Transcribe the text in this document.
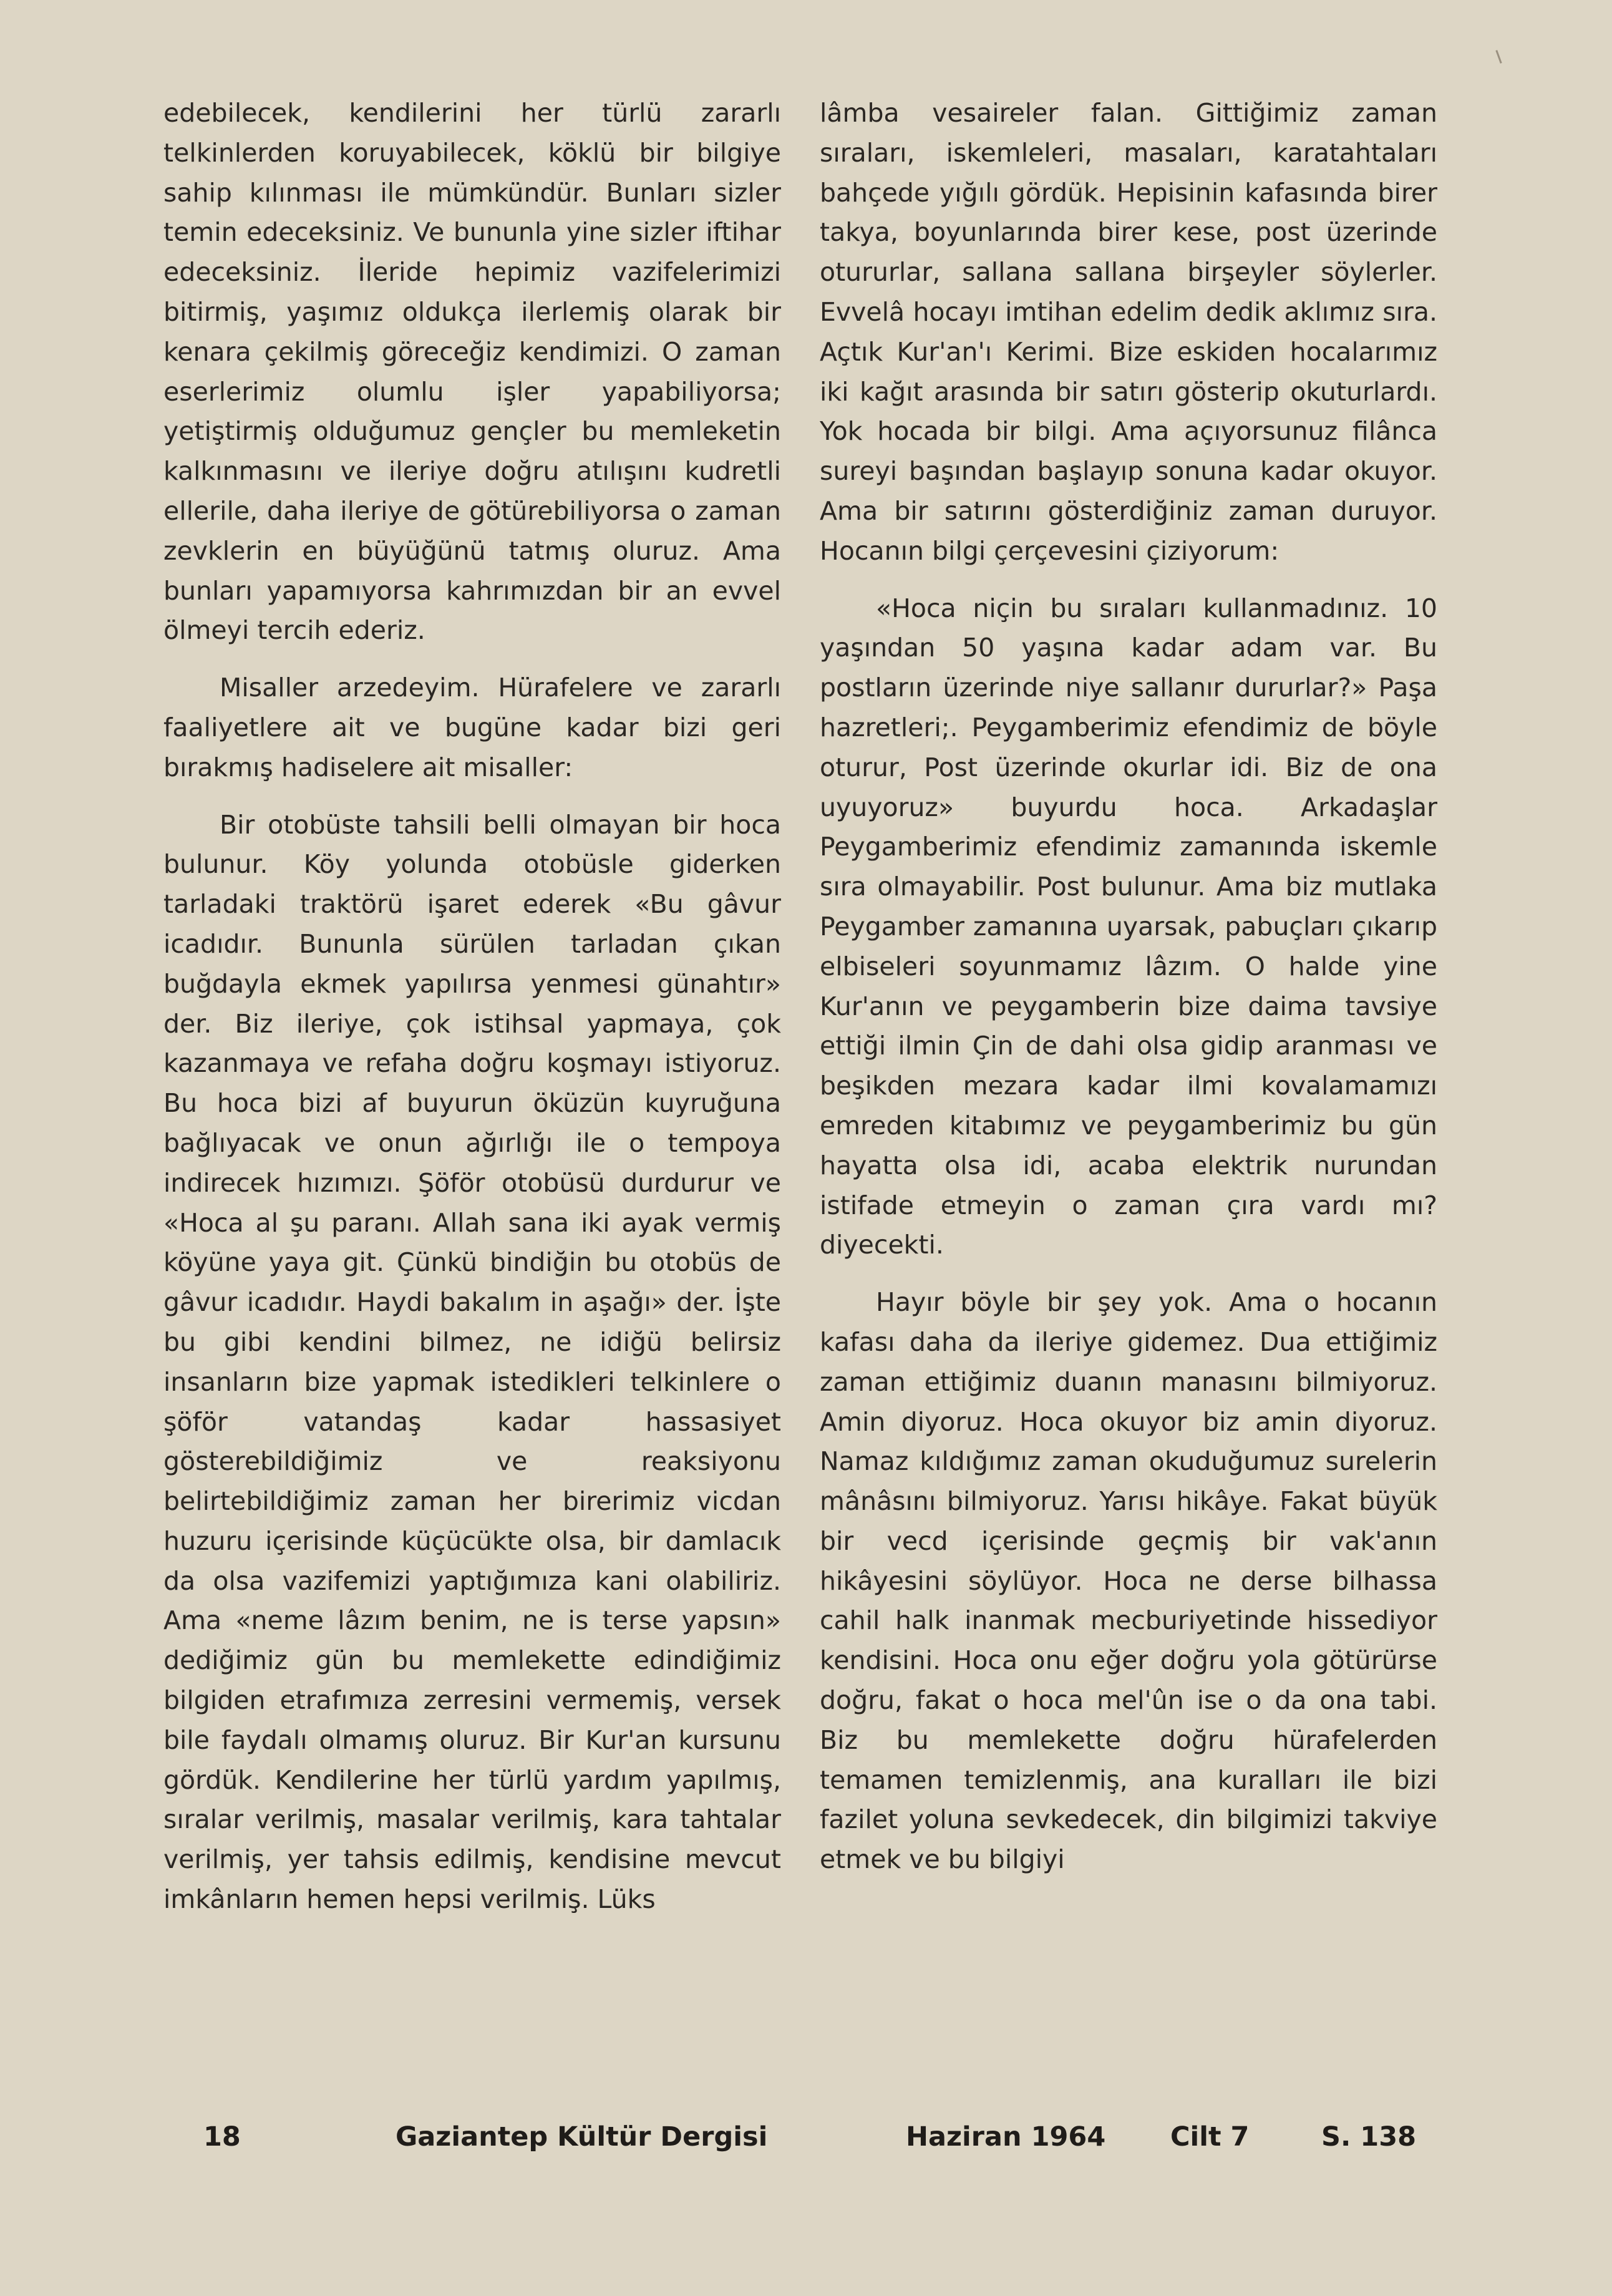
edebilecek, kendilerini her türlü zararlı telkinlerden koruyabilecek, köklü bir bilgiye sahip kılınması ile mümkündür. Bunları sizler temin edeceksiniz. Ve bununla yine sizler iftihar edeceksiniz. İleride hepimiz vazifelerimizi bitirmiş, yaşımız oldukça ilerlemiş olarak bir kenara çekilmiş göreceğiz kendimizi. O zaman eserlerimiz olumlu işler yapabiliyorsa; yetiştirmiş olduğumuz gençler bu memleketin kalkınmasını ve ileriye doğru atılışını kudretli ellerile, daha ileriye de götürebiliyorsa o zaman zevklerin en büyüğünü tatmış oluruz. Ama bunları yapamıyorsa kahrımızdan bir an evvel ölmeyi tercih ederiz.

Misaller arzedeyim. Hürafelere ve zararlı faaliyetlere ait ve bugüne kadar bizi geri bırakmış hadiselere ait misaller:

Bir otobüste tahsili belli olmayan bir hoca bulunur. Köy yolunda otobüsle giderken tarladaki traktörü işaret ederek «Bu gâvur icadıdır. Bununla sürülen tarladan çıkan buğdayla ekmek yapılırsa yenmesi günahtır» der. Biz ileriye, çok istihsal yapmaya, çok kazanmaya ve refaha doğru koşmayı istiyoruz. Bu hoca bizi af buyurun öküzün kuyruğuna bağlıyacak ve onun ağırlığı ile o tempoya indirecek hızımızı. Şöför otobüsü durdurur ve «Hoca al şu paranı. Allah sana iki ayak vermiş köyüne yaya git. Çünkü bindiğin bu otobüs de gâvur icadıdır. Haydi bakalım in aşağı» der. İşte bu gibi kendini bilmez, ne idiğü belirsiz insanların bize yapmak istedikleri telkinlere o şöför vatandaş kadar hassasiyet gösterebildiğimiz ve reaksiyonu belirtebildiğimiz zaman her birerimiz vicdan huzuru içerisinde küçücükte olsa, bir damlacık da olsa vazifemizi yaptığımıza kani olabiliriz. Ama «neme lâzım benim, ne is terse yapsın» dediğimiz gün bu memlekette edindiğimiz bilgiden etrafımıza zerresini vermemiş, versek bile faydalı olmamış oluruz. Bir Kur'an kursunu gördük. Kendilerine her türlü yardım yapılmış, sıralar verilmiş, masalar verilmiş, kara tahtalar verilmiş, yer tahsis edilmiş, kendisine mevcut imkânların hemen hepsi verilmiş. Lüks

lâmba vesaireler falan. Gittiğimiz zaman sıraları, iskemleleri, masaları, karatahtaları bahçede yığılı gördük. Hepisinin kafasında birer takya, boyunlarında birer kese, post üzerinde otururlar, sallana sallana birşeyler söylerler. Evvelâ hocayı imtihan edelim dedik aklımız sıra. Açtık Kur'an'ı Kerimi. Bize eskiden hocalarımız iki kağıt arasında bir satırı gösterip okuturlardı. Yok hocada bir bilgi. Ama açıyorsunuz filânca sureyi başından başlayıp sonuna kadar okuyor. Ama bir satırını gösterdiğiniz zaman duruyor. Hocanın bilgi çerçevesini çiziyorum:

«Hoca niçin bu sıraları kullanmadınız. 10 yaşından 50 yaşına kadar adam var. Bu postların üzerinde niye sallanır dururlar?» Paşa hazretleri;. Peygamberimiz efendimiz de böyle oturur, Post üzerinde okurlar idi. Biz de ona uyuyoruz» buyurdu hoca. Arkadaşlar Peygamberimiz efendimiz zamanında iskemle sıra olmayabilir. Post bulunur. Ama biz mutlaka Peygamber zamanına uyarsak, pabuçları çıkarıp elbiseleri soyunmamız lâzım. O halde yine Kur'anın ve peygamberin bize daima tavsiye ettiği ilmin Çin de dahi olsa gidip aranması ve beşikden mezara kadar ilmi kovalamamızı emreden kitabımız ve peygamberimiz bu gün hayatta olsa idi, acaba elektrik nurundan istifade etmeyin o zaman çıra vardı mı? diyecekti.

Hayır böyle bir şey yok. Ama o hocanın kafası daha da ileriye gidemez. Dua ettiğimiz zaman ettiğimiz duanın manasını bilmiyoruz. Amin diyoruz. Hoca okuyor biz amin diyoruz. Namaz kıldığımız zaman okuduğumuz surelerin mânâsını bilmiyoruz. Yarısı hikâye. Fakat büyük bir vecd içerisinde geçmiş bir vak'anın hikâyesini söylüyor. Hoca ne derse bilhassa cahil halk inanmak mecburiyetinde hissediyor kendisini. Hoca onu eğer doğru yola götürürse doğru, fakat o hoca mel'ûn ise o da ona tabi. Biz bu memlekette doğru hürafelerden temamen temizlenmiş, ana kuralları ile bizi fazilet yoluna sevkedecek, din bilgimizi takviye etmek ve bu bilgiyi

18	Gaziantep Kültür Dergisi	Haziran 1964 Cilt 7	S. 138
